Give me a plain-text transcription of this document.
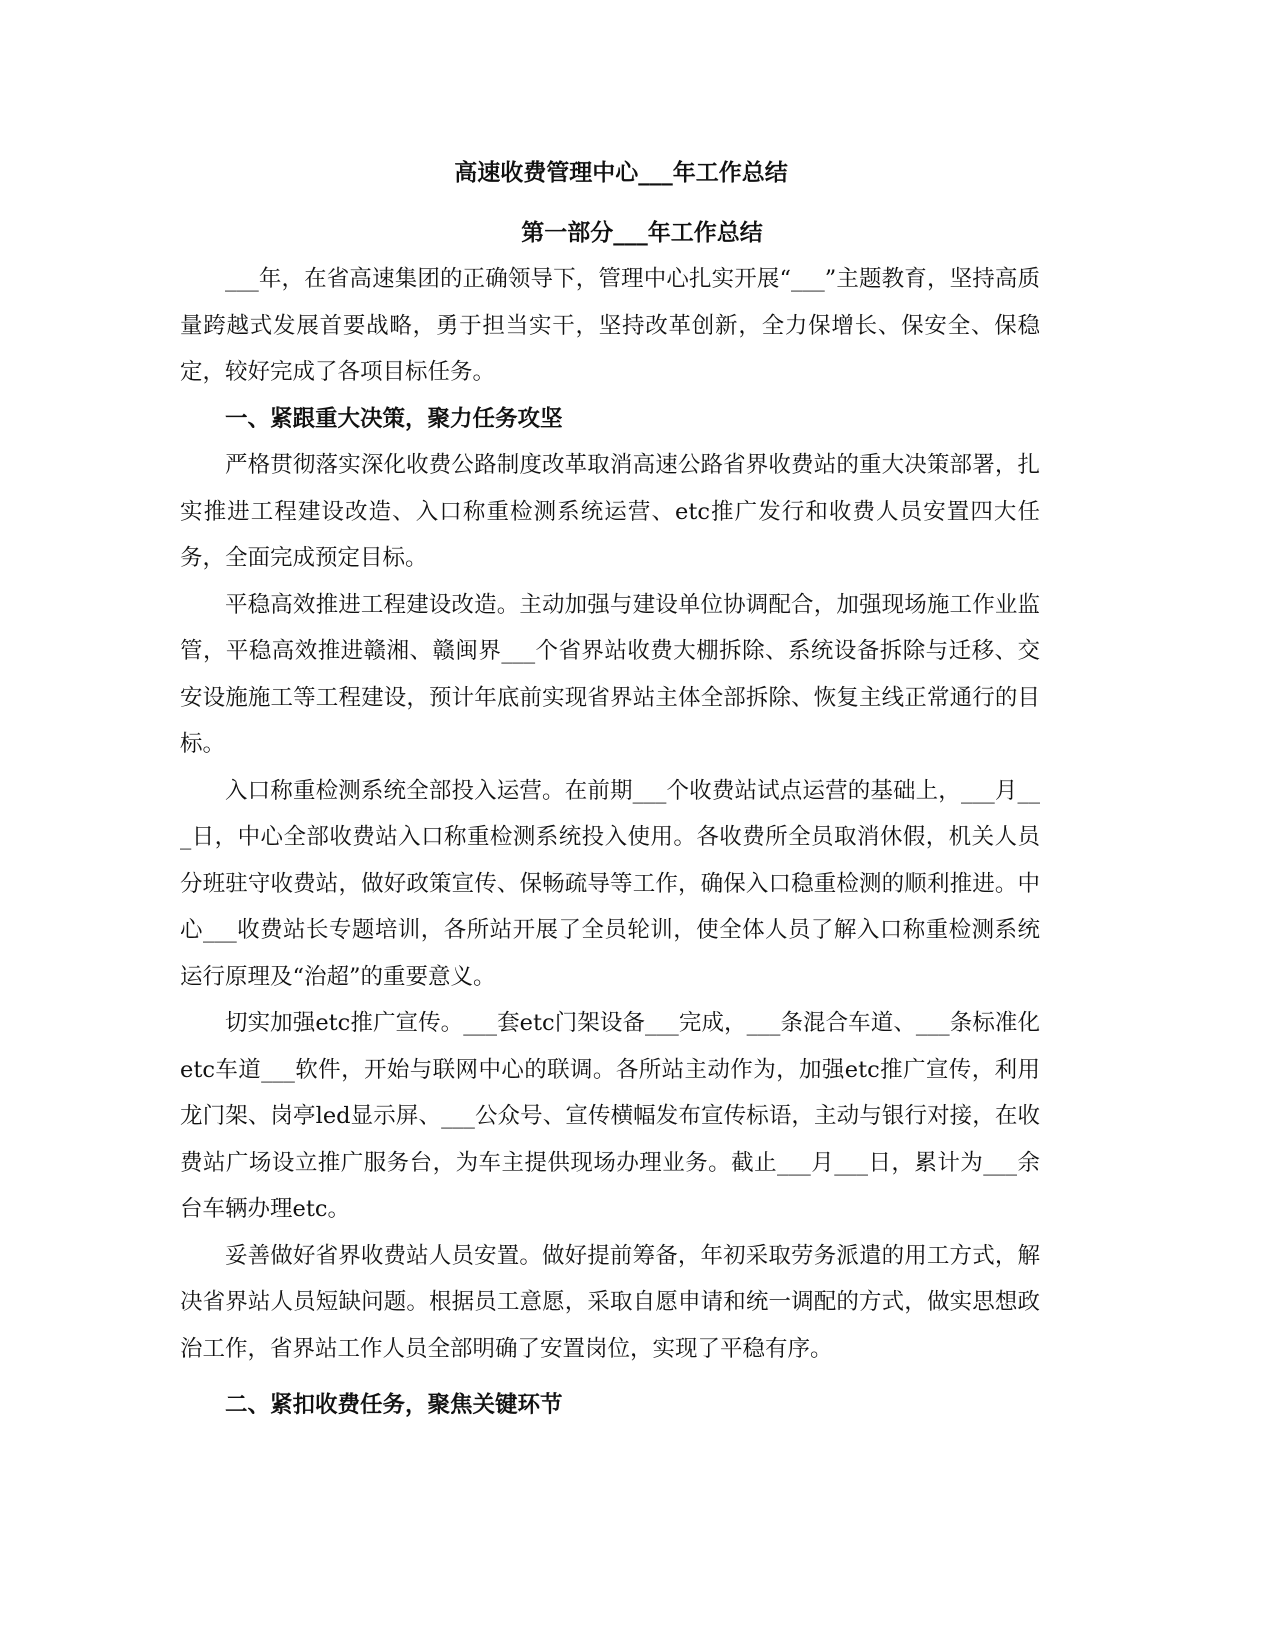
高速收费管理中心___年工作总结
第一部分___年工作总结

___年，在省高速集团的正确领导下，管理中心扎实开展“___”主题教育，坚持高质量跨越式发展首要战略，勇于担当实干，坚持改革创新，全力保增长、保安全、保稳定，较好完成了各项目标任务。

一、紧跟重大决策，聚力任务攻坚

严格贯彻落实深化收费公路制度改革取消高速公路省界收费站的重大决策部署，扎实推进工程建设改造、入口称重检测系统运营、etc推广发行和收费人员安置四大任务，全面完成预定目标。

平稳高效推进工程建设改造。主动加强与建设单位协调配合，加强现场施工作业监管，平稳高效推进赣湘、赣闽界___个省界站收费大棚拆除、系统设备拆除与迁移、交安设施施工等工程建设，预计年底前实现省界站主体全部拆除、恢复主线正常通行的目标。

入口称重检测系统全部投入运营。在前期___个收费站试点运营的基础上，___月___日，中心全部收费站入口称重检测系统投入使用。各收费所全员取消休假，机关人员分班驻守收费站，做好政策宣传、保畅疏导等工作，确保入口稳重检测的顺利推进。中心___收费站长专题培训，各所站开展了全员轮训，使全体人员了解入口称重检测系统运行原理及“治超”的重要意义。

切实加强etc推广宣传。___套etc门架设备___完成，___条混合车道、___条标准化etc车道___软件，开始与联网中心的联调。各所站主动作为，加强etc推广宣传，利用龙门架、岗亭led显示屏、___公众号、宣传横幅发布宣传标语，主动与银行对接，在收费站广场设立推广服务台，为车主提供现场办理业务。截止___月___日，累计为___余台车辆办理etc。

妥善做好省界收费站人员安置。做好提前筹备，年初采取劳务派遣的用工方式，解决省界站人员短缺问题。根据员工意愿，采取自愿申请和统一调配的方式，做实思想政治工作，省界站工作人员全部明确了安置岗位，实现了平稳有序。

二、紧扣收费任务，聚焦关键环节
